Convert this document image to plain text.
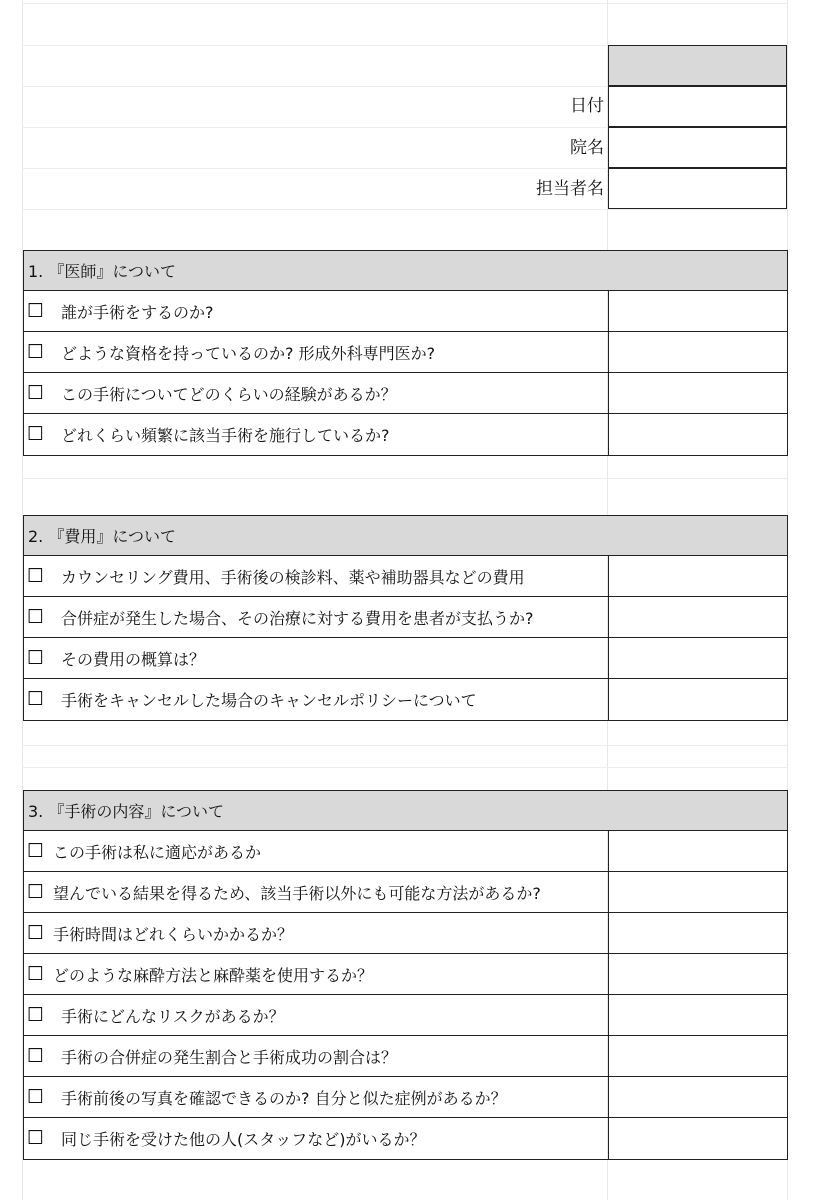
日付
院名
担当者名
1. 『医師』について
☐	誰が手術をするのか?
☐	どような資格を持っているのか? 形成外科専門医か?
☐	この手術についてどのくらいの経験があるか？
☐	どれくらい頻繁に該当手術を施行しているか?
2. 『費用』について
☐	カウンセリング費用、手術後の検診料、薬や補助器具などの費用
☐	合併症が発生した場合、その治療に対する費用を患者が支払うか?
☐	その費用の概算は？
☐	手術をキャンセルした場合のキャンセルポリシーについて
3. 『手術の内容』について
☐ この手術は私に適応があるか
☐ 望んでいる結果を得るため、該当手術以外にも可能な方法があるか?
☐ 手術時間はどれくらいかかるか？
☐ どのような麻酔方法と麻酔薬を使用するか？
☐	手術にどんなリスクがあるか？
☐	手術の合併症の発生割合と手術成功の割合は？
☐	手術前後の写真を確認できるのか? 自分と似た症例があるか？
☐	同じ手術を受けた他の人(スタッフなど)がいるか？
